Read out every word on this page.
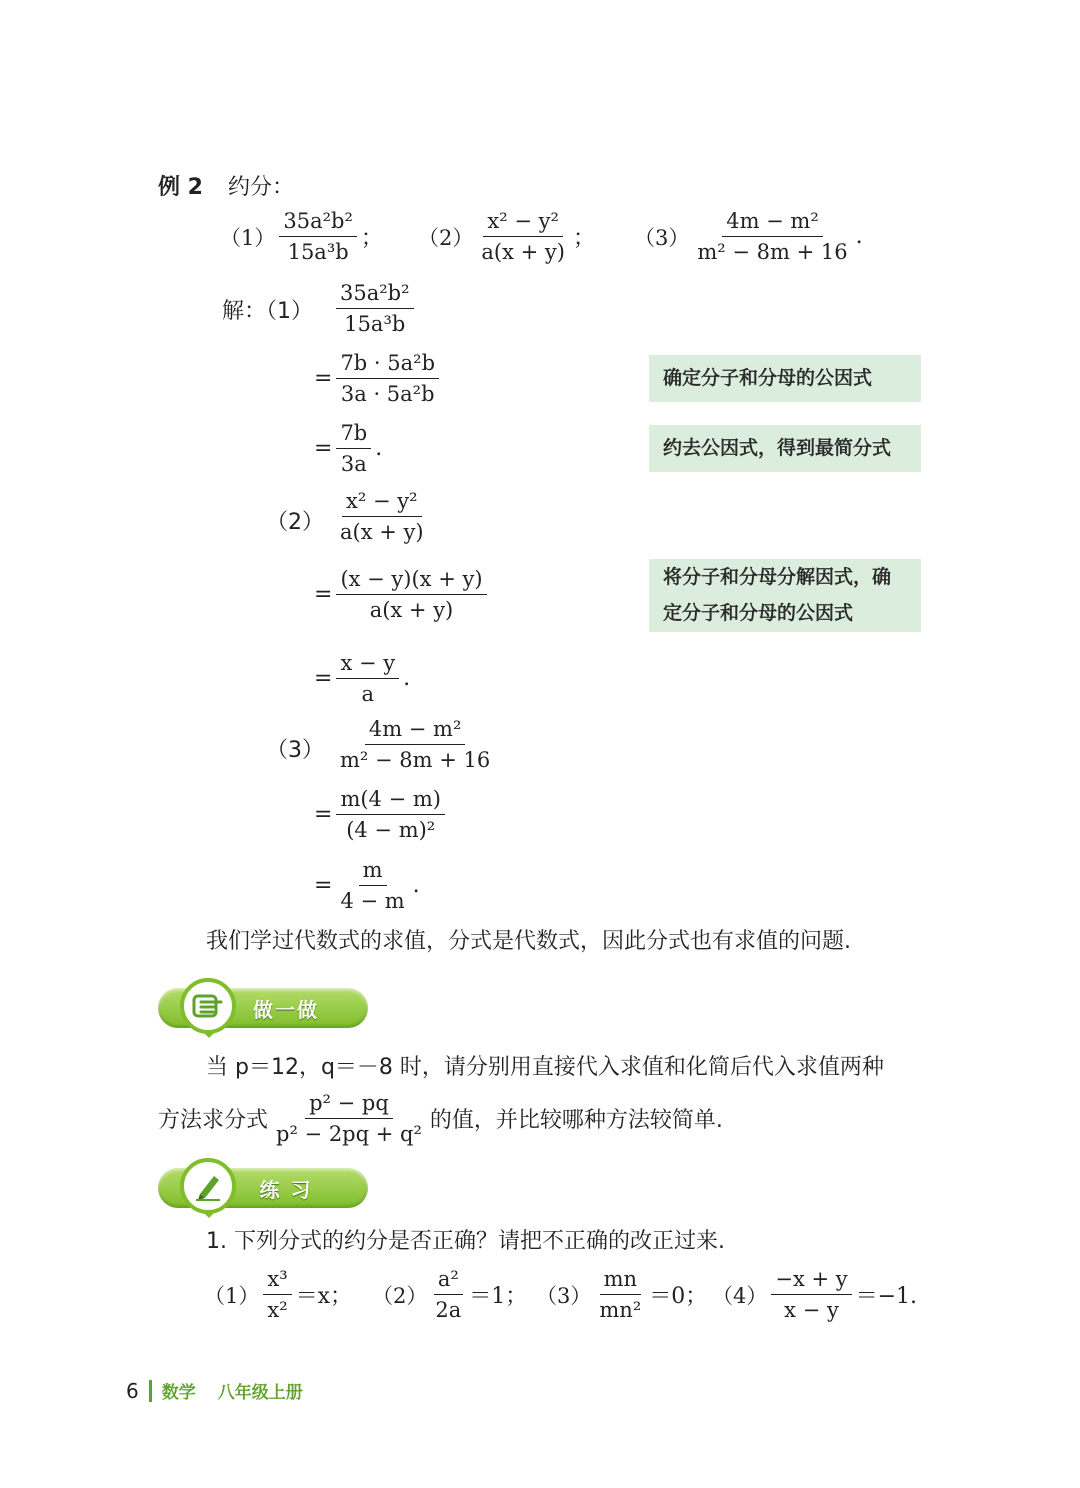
例 2 约分：
$(1) \frac{\text{35a²b²}}{\text{15a³b}}$ ； $(2) \frac{\text{x² − y²}}{a(x + y)}$ ； $(3) \frac{\text{4m − m²}}{\text{m² − 8m + 16}}$ .
解：$(1) \frac{\text{35a²b²}}{\text{15a³b}}$
= $\frac{\text{7b · 5a²b}}{\text{3a · 5a²b}}$
= $\frac{7b}{3a}$ .
$(2) \frac{\text{x² − y²}}{a(x + y)}$
= $\frac{(x - y)(x + y)}{a(x + y)}$
= $\frac{x - y}{a}$ .
$(3) \frac{\text{4m − m²}}{\text{m² − 8m + 16}}$
= $\frac{m(4 - m)}{\text{(4 − m)²}}$
= $\frac{m}{4 - m}$ .
确定分子和分母的公因式
约去公因式，得到最简分式
将分子和分母分解因式，确定分子和分母的公因式
我们学过代数式的求值，分式是代数式，因此分式也有求值的问题.
做一做
当 p＝12，q＝－8 时，请分别用直接代入求值和化简后代入求值两种
方法求分式 $\frac{\text{p² − pq}}{\text{p² − 2pq + q²}}$ 的值，并比较哪种方法较简单.
练 习
1. 下列分式的约分是否正确？请把不正确的改正过来.
$(1) \frac{\text{x³}}{\text{x²}} =x$； $(2) \frac{\text{a²}}{2a} =1$； $(3) \frac{mn}{\text{mn²}} =0$； $(4) \frac{-x + y}{x - y} =-1$.
6 数学 八年级上册
